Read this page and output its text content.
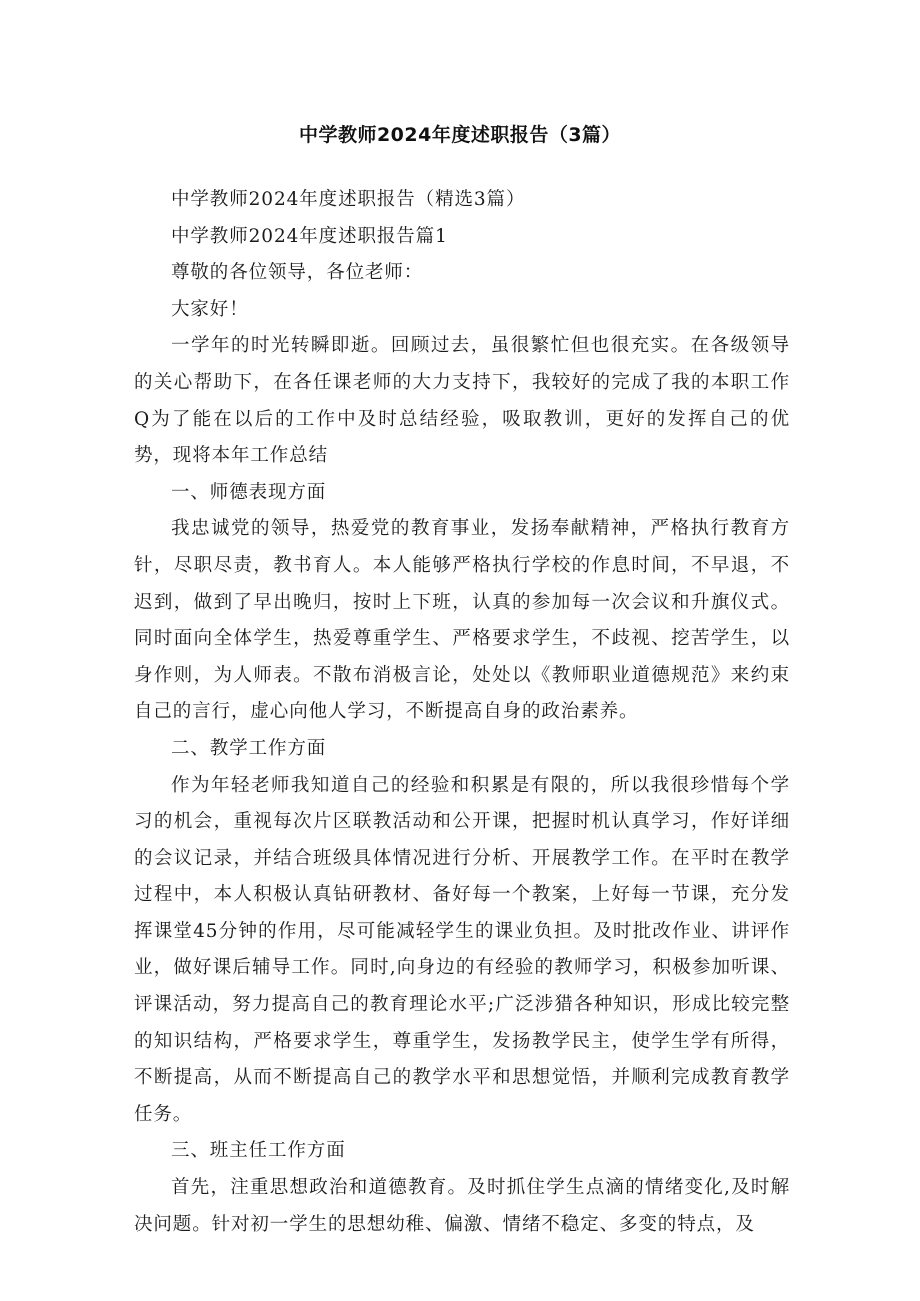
中学教师2024年度述职报告（3篇）

中学教师2024年度述职报告（精选3篇）

中学教师2024年度述职报告篇1

尊敬的各位领导，各位老师：

大家好！

一学年的时光转瞬即逝。回顾过去，虽很繁忙但也很充实。在各级领导的关心帮助下，在各任课老师的大力支持下，我较好的完成了我的本职工作Q为了能在以后的工作中及时总结经验，吸取教训，更好的发挥自己的优势，现将本年工作总结

一、师德表现方面

我忠诚党的领导，热爱党的教育事业，发扬奉献精神，严格执行教育方针，尽职尽责，教书育人。本人能够严格执行学校的作息时间，不早退，不迟到，做到了早出晚归，按时上下班，认真的参加每一次会议和升旗仪式。同时面向全体学生，热爱尊重学生、严格要求学生，不歧视、挖苦学生，以身作则，为人师表。不散布消极言论，处处以《教师职业道德规范》来约束自己的言行，虚心向他人学习，不断提高自身的政治素养。

二、教学工作方面

作为年轻老师我知道自己的经验和积累是有限的，所以我很珍惜每个学习的机会，重视每次片区联教活动和公开课，把握时机认真学习，作好详细的会议记录，并结合班级具体情况进行分析、开展教学工作。在平时在教学过程中，本人积极认真钻研教材、备好每一个教案，上好每一节课，充分发挥课堂45分钟的作用，尽可能减轻学生的课业负担。及时批改作业、讲评作业，做好课后辅导工作。同时,向身边的有经验的教师学习，积极参加听课、评课活动，努力提高自己的教育理论水平;广泛涉猎各种知识，形成比较完整的知识结构，严格要求学生，尊重学生，发扬教学民主，使学生学有所得，不断提高，从而不断提高自己的教学水平和思想觉悟，并顺利完成教育教学任务。

三、班主任工作方面

首先，注重思想政治和道德教育。及时抓住学生点滴的情绪变化,及时解决问题。针对初一学生的思想幼稚、偏激、情绪不稳定、多变的特点，及
